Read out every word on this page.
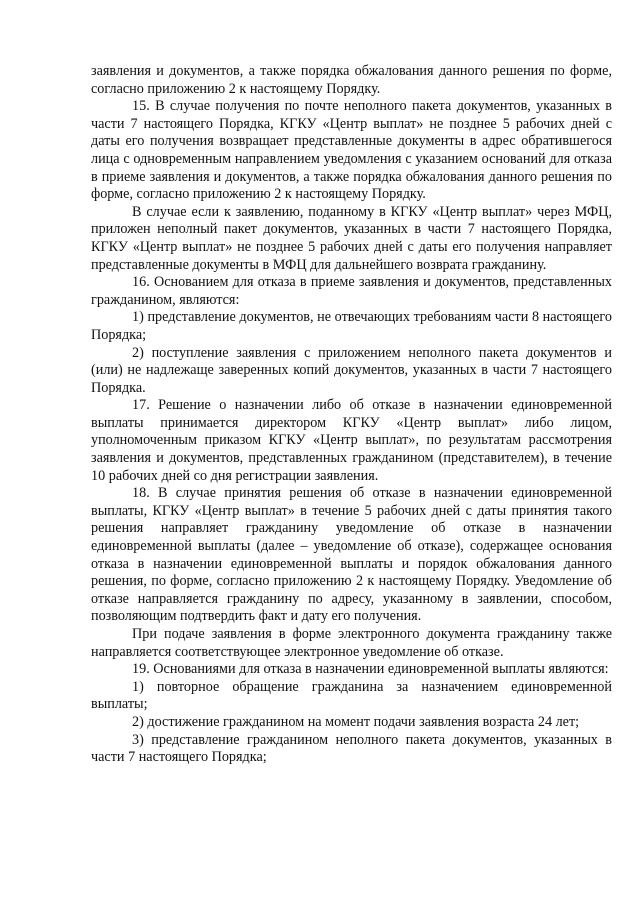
заявления и документов, а также порядка обжалования данного решения по форме, согласно приложению 2 к настоящему Порядку.

15. В случае получения по почте неполного пакета документов, указанных в части 7 настоящего Порядка, КГКУ «Центр выплат» не позднее 5 рабочих дней с даты его получения возвращает представленные документы в адрес обратившегося лица с одновременным направлением уведомления с указанием оснований для отказа в приеме заявления и документов, а также порядка обжалования данного решения по форме, согласно приложению 2 к настоящему Порядку.

В случае если к заявлению, поданному в КГКУ «Центр выплат» через МФЦ, приложен неполный пакет документов, указанных в части 7 настоящего Порядка, КГКУ «Центр выплат» не позднее 5 рабочих дней с даты его получения направляет представленные документы в МФЦ для дальнейшего возврата гражданину.

16. Основанием для отказа в приеме заявления и документов, представленных гражданином, являются:

1) представление документов, не отвечающих требованиям части 8 настоящего Порядка;

2) поступление заявления с приложением неполного пакета документов и (или) не надлежаще заверенных копий документов, указанных в части 7 настоящего Порядка.

17. Решение о назначении либо об отказе в назначении единовременной выплаты принимается директором КГКУ «Центр выплат» либо лицом, уполномоченным приказом КГКУ «Центр выплат», по результатам рассмотрения заявления и документов, представленных гражданином (представителем), в течение 10 рабочих дней со дня регистрации заявления.

18. В случае принятия решения об отказе в назначении единовременной выплаты, КГКУ «Центр выплат» в течение 5 рабочих дней с даты принятия такого решения направляет гражданину уведомление об отказе в назначении единовременной выплаты (далее – уведомление об отказе), содержащее основания отказа в назначении единовременной выплаты и порядок обжалования данного решения, по форме, согласно приложению 2 к настоящему Порядку. Уведомление об отказе направляется гражданину по адресу, указанному в заявлении, способом, позволяющим подтвердить факт и дату его получения.

При подаче заявления в форме электронного документа гражданину также направляется соответствующее электронное уведомление об отказе.

19. Основаниями для отказа в назначении единовременной выплаты являются:

1) повторное обращение гражданина за назначением единовременной выплаты;

2) достижение гражданином на момент подачи заявления возраста 24 лет;

3) представление гражданином неполного пакета документов, указанных в части 7 настоящего Порядка;
